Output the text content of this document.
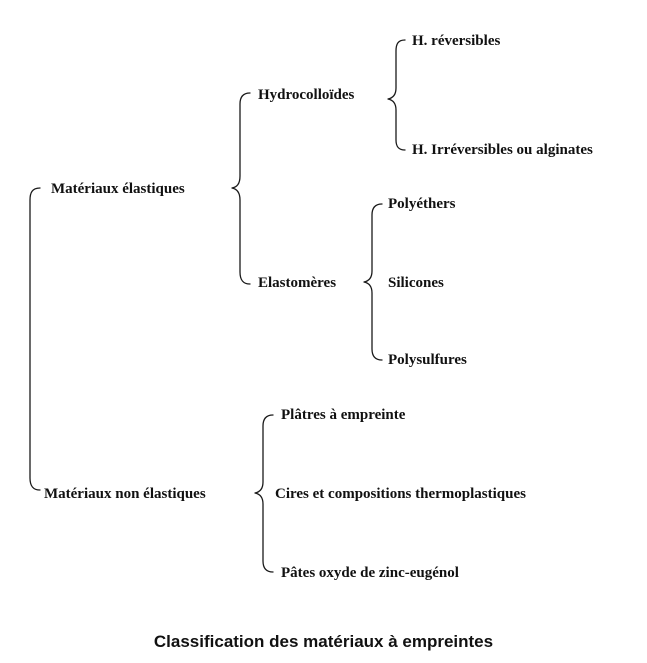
Matériaux élastiques
Matériaux non élastiques
Hydrocolloïdes
Elastomères
H. réversibles
H. Irréversibles ou alginates
Polyéthers
Silicones
Polysulfures
Plâtres à empreinte
Cires et compositions thermoplastiques
Pâtes oxyde de zinc-eugénol
Classification des matériaux à empreintes
